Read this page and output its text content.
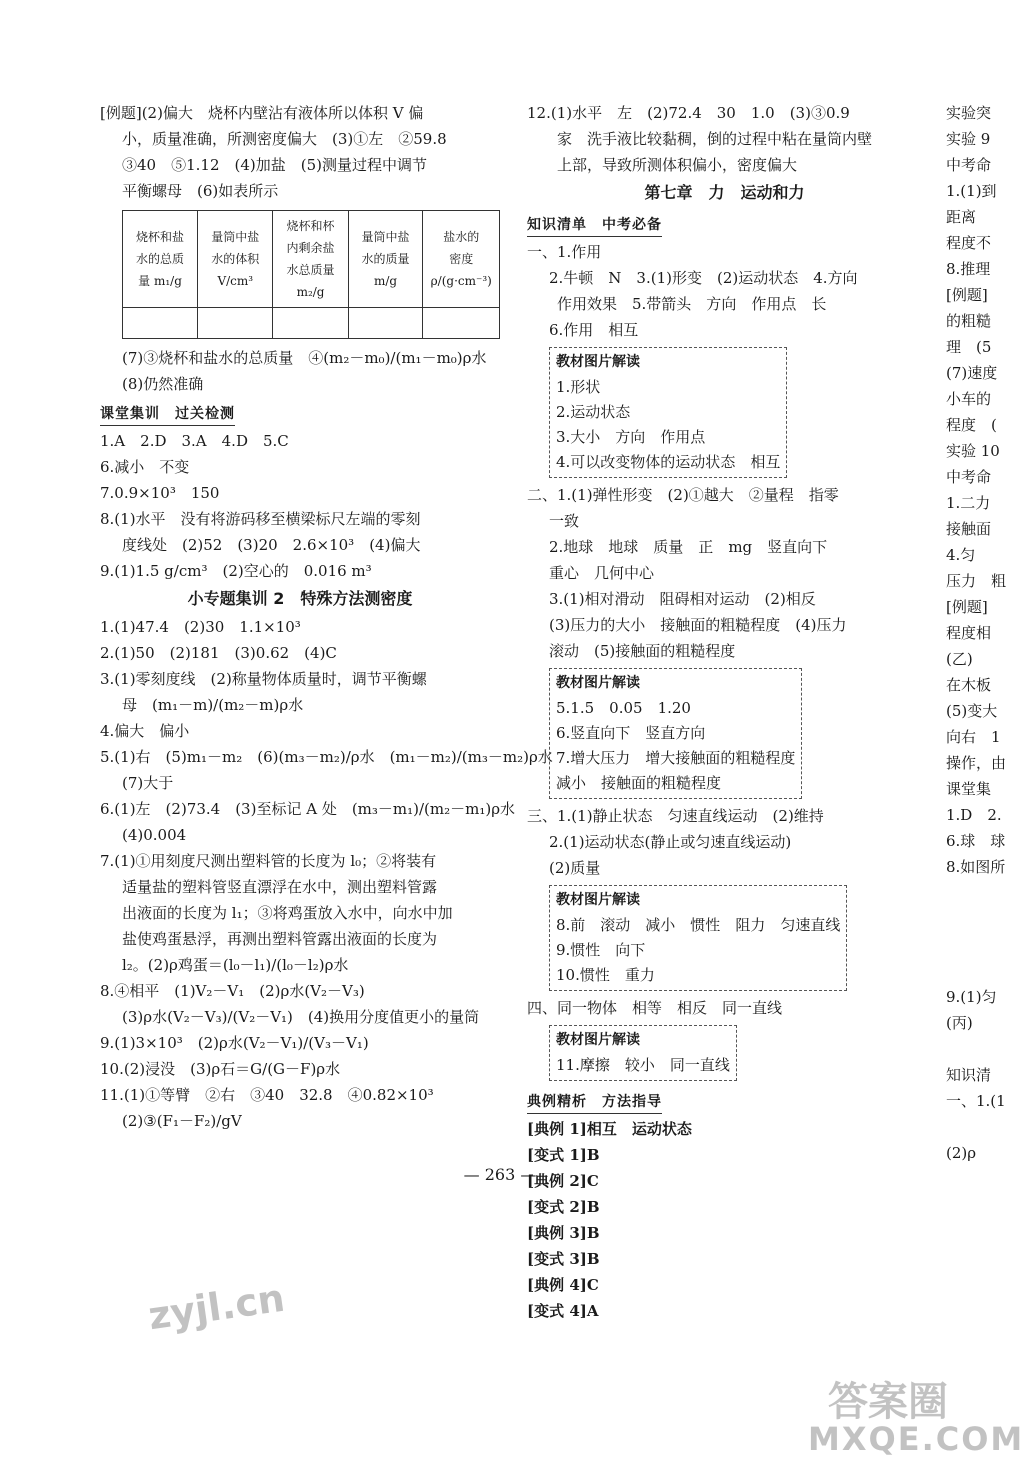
[例题](2)偏大　烧杯内壁沾有液体所以体积 V 偏
小，质量准确，所测密度偏大　(3)①左　②59.8
③40　⑤1.12　(4)加盐　(5)测量过程中调节
平衡螺母　(6)如表所示
烧杯和盐
水的总质
量 m₁/g	量筒中盐
水的体积
V/cm³	烧杯和杯
内剩余盐
水总质量
m₂/g	量筒中盐
水的质量
m/g	盐水的
密度
ρ/(g·cm⁻³)

(7)③烧杯和盐水的总质量　④(m₂－m₀)/(m₁－m₀)ρ水
(8)仍然准确
课堂集训　过关检测
1.A　2.D　3.A　4.D　5.C
6.减小　不变
7.0.9×10³　150
8.(1)水平　没有将游码移至横梁标尺左端的零刻
度线处　(2)52　(3)20　2.6×10³　(4)偏大
9.(1)1.5 g/cm³　(2)空心的　0.016 m³
小专题集训 2　特殊方法测密度
1.(1)47.4　(2)30　1.1×10³
2.(1)50　(2)181　(3)0.62　(4)C
3.(1)零刻度线　(2)称量物体质量时，调节平衡螺
母　(m₁－m)/(m₂－m)ρ水
4.偏大　偏小
5.(1)右　(5)m₁－m₂　(6)(m₃－m₂)/ρ水　(m₁－m₂)/(m₃－m₂)ρ水
(7)大于
6.(1)左　(2)73.4　(3)至标记 A 处　(m₃－m₁)/(m₂－m₁)ρ水
(4)0.004
7.(1)①用刻度尺测出塑料管的长度为 l₀；②将装有
适量盐的塑料管竖直漂浮在水中，测出塑料管露
出液面的长度为 l₁；③将鸡蛋放入水中，向水中加
盐使鸡蛋悬浮，再测出塑料管露出液面的长度为
l₂。(2)ρ鸡蛋＝(l₀－l₁)/(l₀－l₂)ρ水
8.④相平　(1)V₂－V₁　(2)ρ水(V₂－V₃)
(3)ρ水(V₂－V₃)/(V₂－V₁)　(4)换用分度值更小的量筒
9.(1)3×10³　(2)ρ水(V₂－V₁)/(V₃－V₁)
10.(2)浸没　(3)ρ石＝G/(G－F)ρ水
11.(1)①等臂　②右　③40　32.8　④0.82×10³
(2)③(F₁－F₂)/gV
12.(1)水平　左　(2)72.4　30　1.0　(3)③0.9
家　洗手液比较黏稠，倒的过程中粘在量筒内壁
上部，导致所测体积偏小，密度偏大
第七章　力　运动和力
知识清单　中考必备
一、1.作用
2.牛顿　N　3.(1)形变　(2)运动状态　4.方向
作用效果　5.带箭头　方向　作用点　长
6.作用　相互
教材图片解读
1.形状
2.运动状态
3.大小　方向　作用点
4.可以改变物体的运动状态　相互
二、1.(1)弹性形变　(2)①越大　②量程　指零
一致
2.地球　地球　质量　正　mg　竖直向下
重心　几何中心
3.(1)相对滑动　阻碍相对运动　(2)相反
(3)压力的大小　接触面的粗糙程度　(4)压力
滚动　(5)接触面的粗糙程度
教材图片解读
5.1.5　0.05　1.20
6.竖直向下　竖直方向
7.增大压力　增大接触面的粗糙程度
减小　接触面的粗糙程度
三、1.(1)静止状态　匀速直线运动　(2)维持
2.(1)运动状态(静止或匀速直线运动)
(2)质量
教材图片解读
8.前　滚动　减小　惯性　阻力　匀速直线
9.惯性　向下
10.惯性　重力
四、同一物体　相等　相反　同一直线
教材图片解读
11.摩擦　较小　同一直线
典例精析　方法指导
[典例 1]相互　运动状态
[变式 1]B
[典例 2]C
[变式 2]B
[典例 3]B
[变式 3]B
[典例 4]C
[变式 4]A
实验突
实验 9
中考命
1.(1)到
距离
程度不
8.推理
[例题]
的粗糙
理　(5
(7)速度
小车的
程度　(
实验 10
中考命
1.二力
接触面
4.匀
压力　粗
[例题]
程度相
(乙)
在木板
(5)变大
向右　1
操作，由
课堂集
1.D　2.
6.球　球
8.如图所
9.(1)匀
(丙)
知识清
一、1.(1
(2)ρ
— 263 —
zyjl.cn
答案圈
MXQE.COM
